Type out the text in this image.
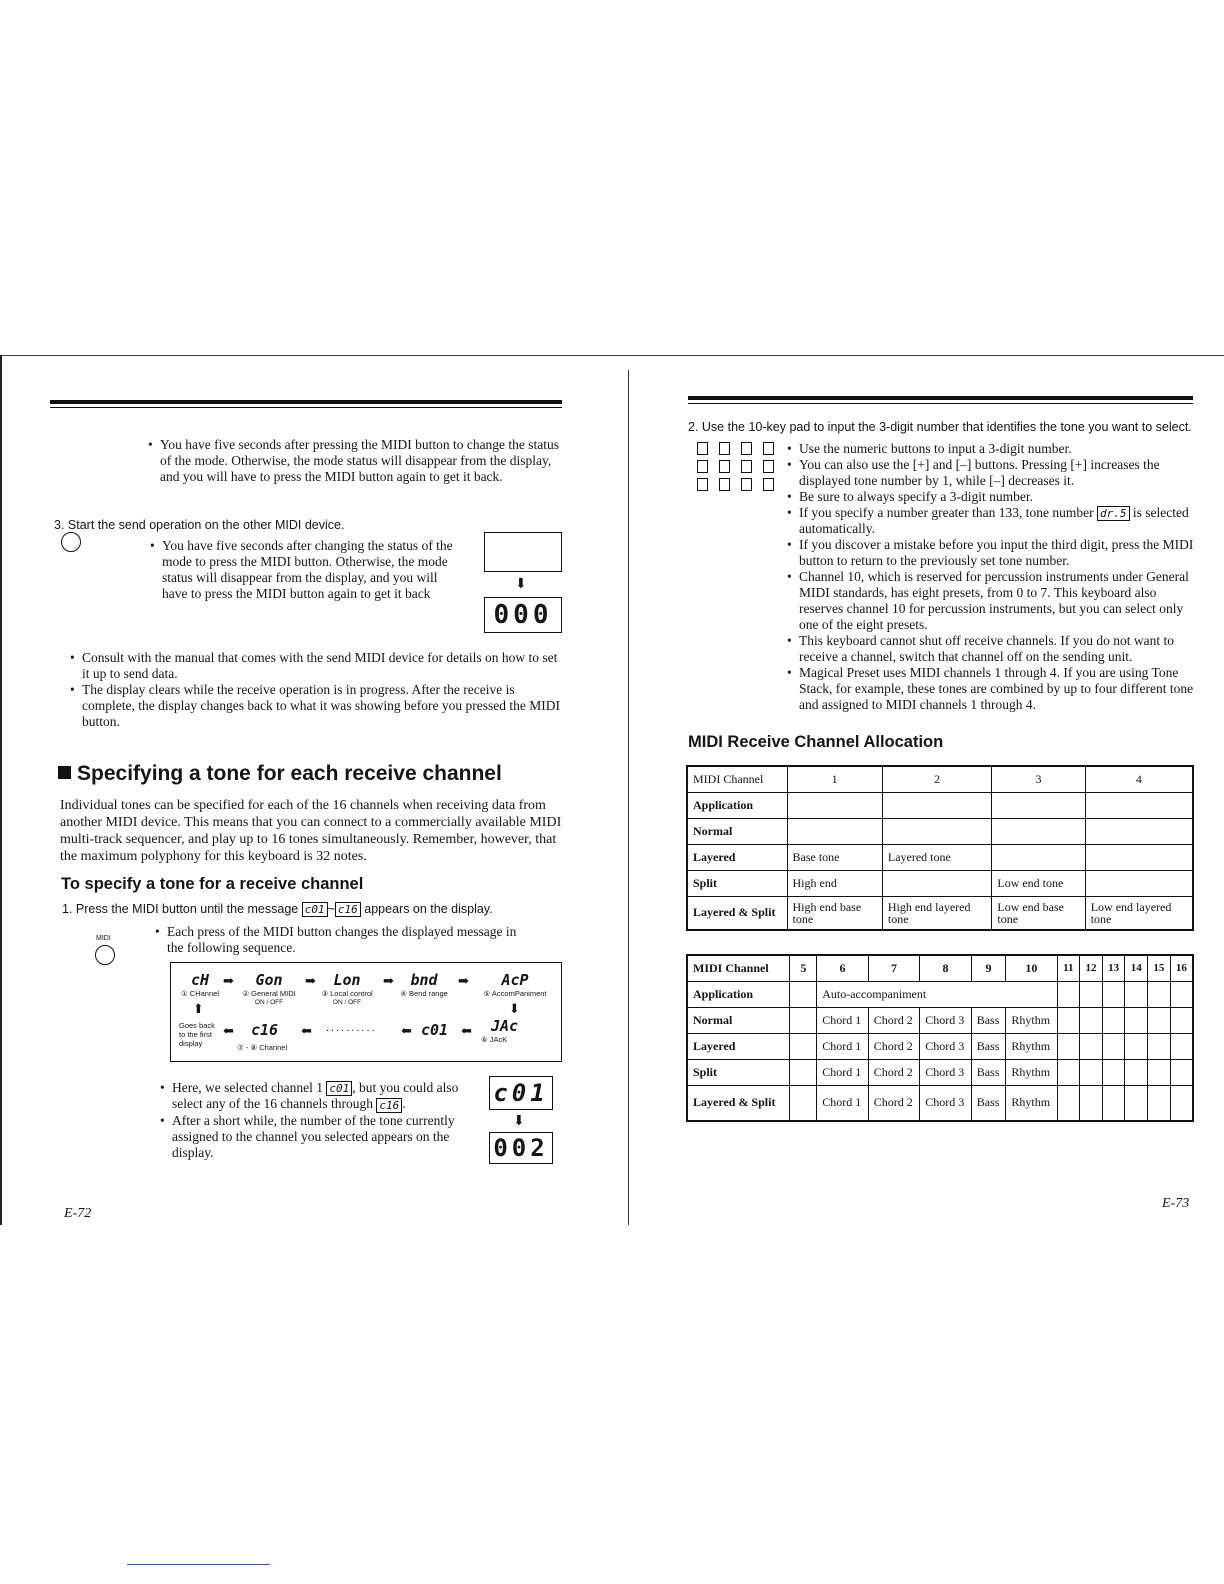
• You have five seconds after pressing the MIDI button to change the status of the mode. Otherwise, the mode status will disappear from the display, and you will have to press the MIDI button again to get it back.
3. Start the send operation on the other MIDI device.
• You have five seconds after changing the status of the mode to press the MIDI button. Otherwise, the mode status will disappear from the display, and you will have to press the MIDI button again to get it back
⬇
000
• Consult with the manual that comes with the send MIDI device for details on how to set it up to send data.
• The display clears while the receive operation is in progress. After the receive is complete, the display changes back to what it was showing before you pressed the MIDI button.
Specifying a tone for each receive channel

Individual tones can be specified for each of the 16 channels when receiving data from another MIDI device. This means that you can connect to a commercially available MIDI multi-track sequencer, and play up to 16 tones simultaneously. Remember, however, that the maximum polyphony for this keyboard is 32 notes.

To specify a tone for a receive channel
1. Press the MIDI button until the message c01 ~ c16 appears on the display.
MIDI	• Each press of the MIDI button changes the displayed message in the following sequence.
cH
① CHannel
➡	Gon
② General MIDI
ON / OFF
➡	Lon
③ Local control
ON / OFF
➡	bnd
④ Bend range
➡	AcP
⑤ AccomPaniment
⬆	⬇
Goes back to the first display
⬅ c16 ⬅ .......... ⬅ c01 ⬅ JAc
⑦ - ⑧ Channel
⑥ JAcK
• Here, we selected channel 1 c01 , but you could also select any of the 16 channels through c16 .
• After a short while, the number of the tone currently assigned to the channel you selected appears on the display.
c01
⬇
002
E-72
2. Use the 10-key pad to input the 3-digit number that identifies the tone you want to select.
• Use the numeric buttons to input a 3-digit number.
• You can also use the [+] and [–] buttons. Pressing [+] increases the displayed tone number by 1, while [–] decreases it.
• Be sure to always specify a 3-digit number.
• If you specify a number greater than 133, tone number dr.5 is selected automatically.
• If you discover a mistake before you input the third digit, press the MIDI button to return to the previously set tone number.
• Channel 10, which is reserved for percussion instruments under General MIDI standards, has eight presets, from 0 to 7. This keyboard also reserves channel 10 for percussion instruments, but you can select only one of the eight presets.
• This keyboard cannot shut off receive channels. If you do not want to receive a channel, switch that channel off on the sending unit.
• Magical Preset uses MIDI channels 1 through 4. If you are using Tone Stack, for example, these tones are combined by up to four different tone and assigned to MIDI channels 1 through 4.
MIDI Receive Channel Allocation
MIDI Channel	1	2	3	4
Application				
Normal				
Layered	Base tone	Layered tone		
Split	High end		Low end tone	
Layered & Split	High end base tone	High end layered tone	Low end base tone	Low end layered tone
MIDI Channel	5	6	7	8	9	10	11	12	13	14	15	16
Application		Auto-accompaniment										
Normal		Chord 1	Chord 2	Chord 3	Bass	Rhythm						
Layered		Chord 1	Chord 2	Chord 3	Bass	Rhythm						
Split		Chord 1	Chord 2	Chord 3	Bass	Rhythm						
Layered & Split		Chord 1	Chord 2	Chord 3	Bass	Rhythm						
E-73
